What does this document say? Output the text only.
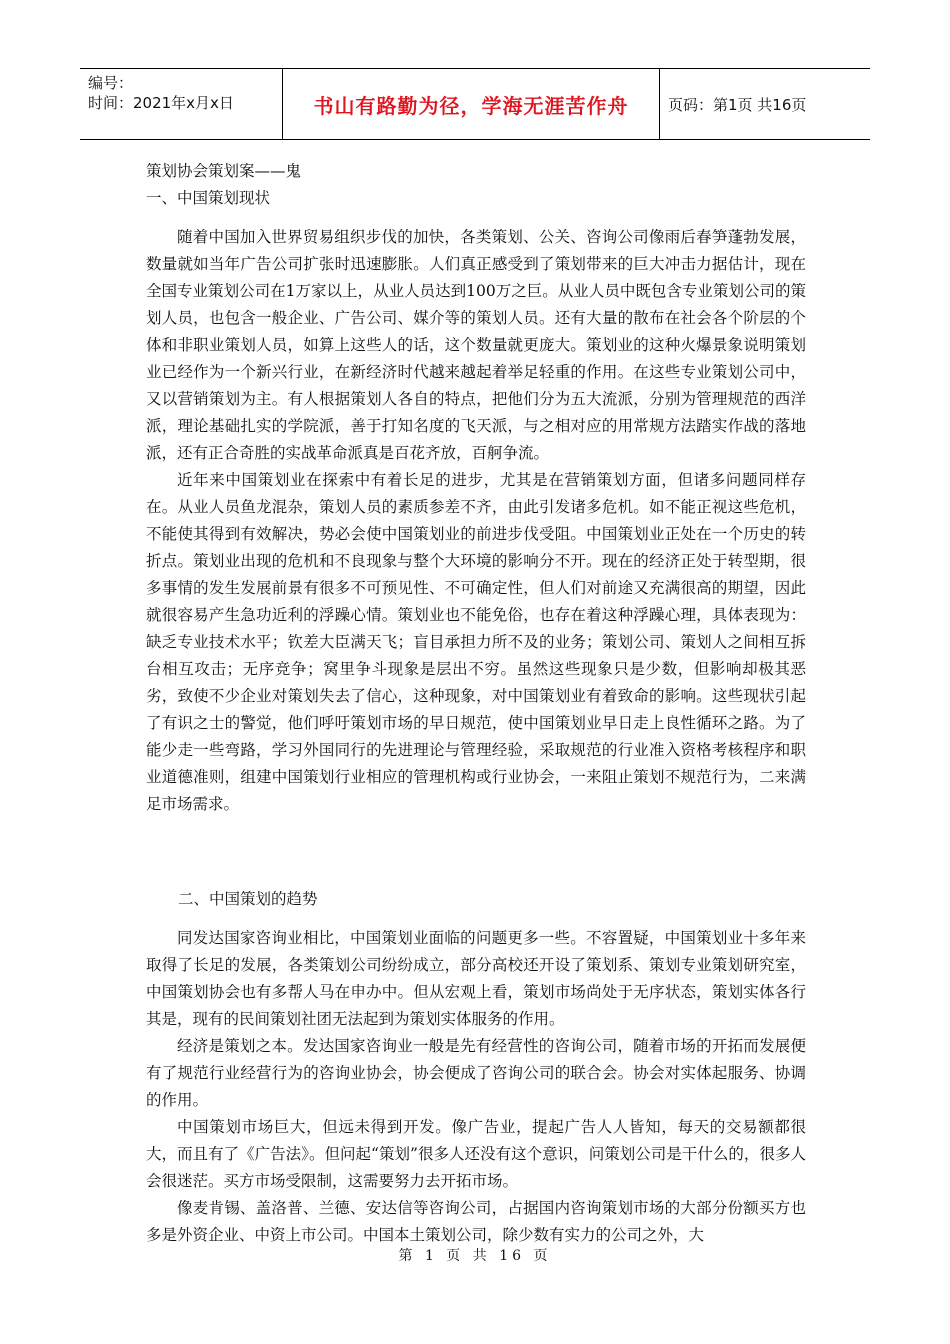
编号：
时间：2021年x月x日	书山有路勤为径，学海无涯苦作舟	页码：第1页 共16页
策划协会策划案——鬼
一、中国策划现状

随着中国加入世界贸易组织步伐的加快，各类策划、公关、咨询公司像雨后春笋蓬勃发展，数量就如当年广告公司扩张时迅速膨胀。人们真正感受到了策划带来的巨大冲击力据估计，现在全国专业策划公司在1万家以上，从业人员达到100万之巨。从业人员中既包含专业策划公司的策划人员，也包含一般企业、广告公司、媒介等的策划人员。还有大量的散布在社会各个阶层的个体和非职业策划人员，如算上这些人的话，这个数量就更庞大。策划业的这种火爆景象说明策划业已经作为一个新兴行业，在新经济时代越来越起着举足轻重的作用。在这些专业策划公司中，又以营销策划为主。有人根据策划人各自的特点，把他们分为五大流派，分别为管理规范的西洋派，理论基础扎实的学院派，善于打知名度的飞天派，与之相对应的用常规方法踏实作战的落地派，还有正合奇胜的实战革命派真是百花齐放，百舸争流。

近年来中国策划业在探索中有着长足的进步，尤其是在营销策划方面，但诸多问题同样存在。从业人员鱼龙混杂，策划人员的素质参差不齐，由此引发诸多危机。如不能正视这些危机，不能使其得到有效解决，势必会使中国策划业的前进步伐受阻。中国策划业正处在一个历史的转折点。策划业出现的危机和不良现象与整个大环境的影响分不开。现在的经济正处于转型期，很多事情的发生发展前景有很多不可预见性、不可确定性，但人们对前途又充满很高的期望，因此就很容易产生急功近利的浮躁心情。策划业也不能免俗，也存在着这种浮躁心理，具体表现为：缺乏专业技术水平；钦差大臣满天飞；盲目承担力所不及的业务；策划公司、策划人之间相互拆台相互攻击；无序竞争；窝里争斗现象是层出不穷。虽然这些现象只是少数，但影响却极其恶劣，致使不少企业对策划失去了信心，这种现象，对中国策划业有着致命的影响。这些现状引起了有识之士的警觉，他们呼吁策划市场的早日规范，使中国策划业早日走上良性循环之路。为了能少走一些弯路，学习外国同行的先进理论与管理经验，采取规范的行业准入资格考核程序和职业道德准则，组建中国策划行业相应的管理机构或行业协会，一来阻止策划不规范行为，二来满足市场需求。

二、中国策划的趋势

同发达国家咨询业相比，中国策划业面临的问题更多一些。不容置疑，中国策划业十多年来取得了长足的发展，各类策划公司纷纷成立，部分高校还开设了策划系、策划专业策划研究室，中国策划协会也有多帮人马在申办中。但从宏观上看，策划市场尚处于无序状态，策划实体各行其是，现有的民间策划社团无法起到为策划实体服务的作用。

经济是策划之本。发达国家咨询业一般是先有经营性的咨询公司，随着市场的开拓而发展便有了规范行业经营行为的咨询业协会，协会便成了咨询公司的联合会。协会对实体起服务、协调的作用。

中国策划市场巨大，但远未得到开发。像广告业，提起广告人人皆知，每天的交易额都很大，而且有了《广告法》。但问起“策划”很多人还没有这个意识，问策划公司是干什么的，很多人会很迷茫。买方市场受限制，这需要努力去开拓市场。

像麦肯锡、盖洛普、兰德、安达信等咨询公司，占据国内咨询策划市场的大部分份额买方也多是外资企业、中资上市公司。中国本土策划公司，除少数有实力的公司之外，大

第 1 页 共 16 页
